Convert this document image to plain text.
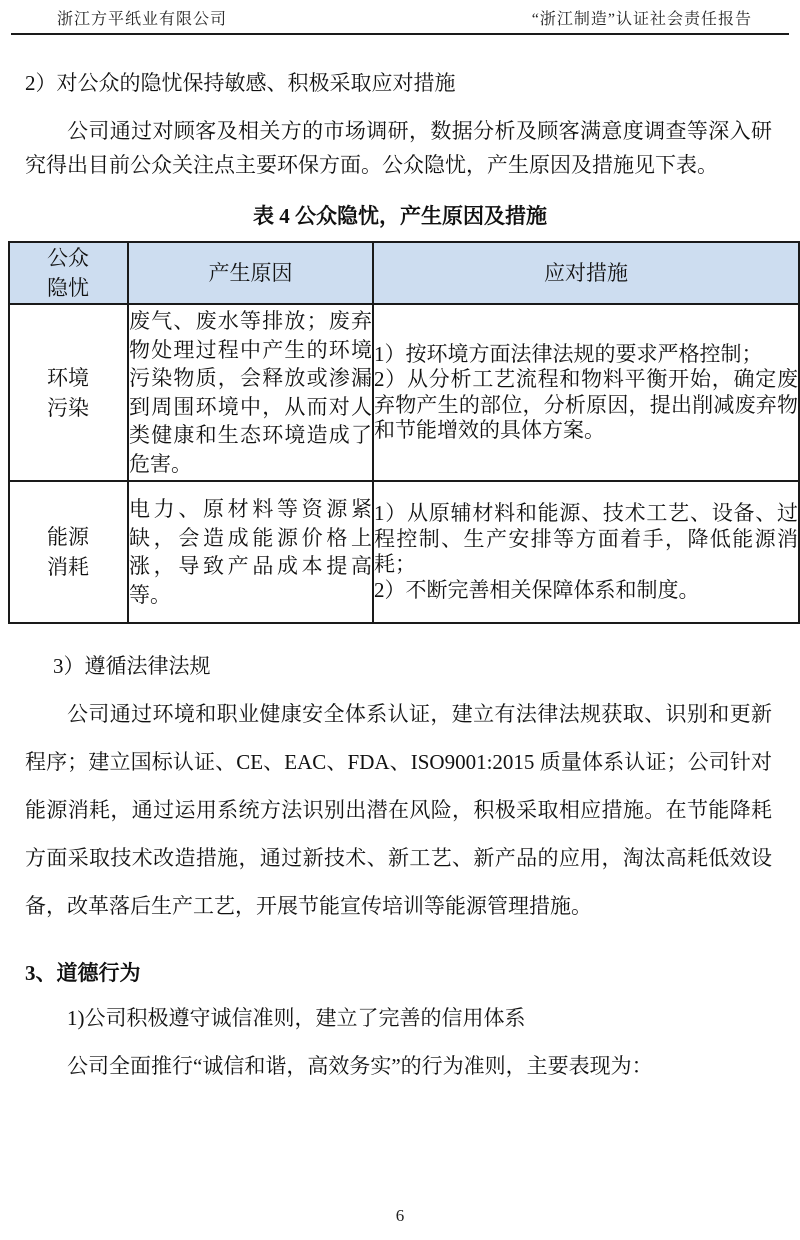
浙江方平纸业有限公司	“浙江制造”认证社会责任报告
2）对公众的隐忧保持敏感、积极采取应对措施
公司通过对顾客及相关方的市场调研，数据分析及顾客满意度调查等深入研究得出目前公众关注点主要环保方面。公众隐忧，产生原因及措施见下表。
表 4 公众隐忧，产生原因及措施
公众隐忧	产生原因	应对措施
环境污染	废气、废水等排放；废弃物处理过程中产生的环境污染物质，会释放或渗漏到周围环境中，从而对人类健康和生态环境造成了危害。	1）按环境方面法律法规的要求严格控制；
2）从分析工艺流程和物料平衡开始，确定废弃物产生的部位，分析原因，提出削减废弃物和节能增效的具体方案。

能源消耗	电力、原材料等资源紧缺，会造成能源价格上涨，导致产品成本提高等。	1）从原辅材料和能源、技术工艺、设备、过程控制、生产安排等方面着手，降低能源消耗；
2）不断完善相关保障体系和制度。
3）遵循法律法规
公司通过环境和职业健康安全体系认证，建立有法律法规获取、识别和更新程序；建立国标认证、CE、EAC、FDA、ISO9001:2015 质量体系认证；公司针对能源消耗，通过运用系统方法识别出潜在风险，积极采取相应措施。在节能降耗方面采取技术改造措施，通过新技术、新工艺、新产品的应用，淘汰高耗低效设备，改革落后生产工艺，开展节能宣传培训等能源管理措施。
3、道德行为
1)公司积极遵守诚信准则，建立了完善的信用体系
公司全面推行“诚信和谐，高效务实”的行为准则，主要表现为：
6
